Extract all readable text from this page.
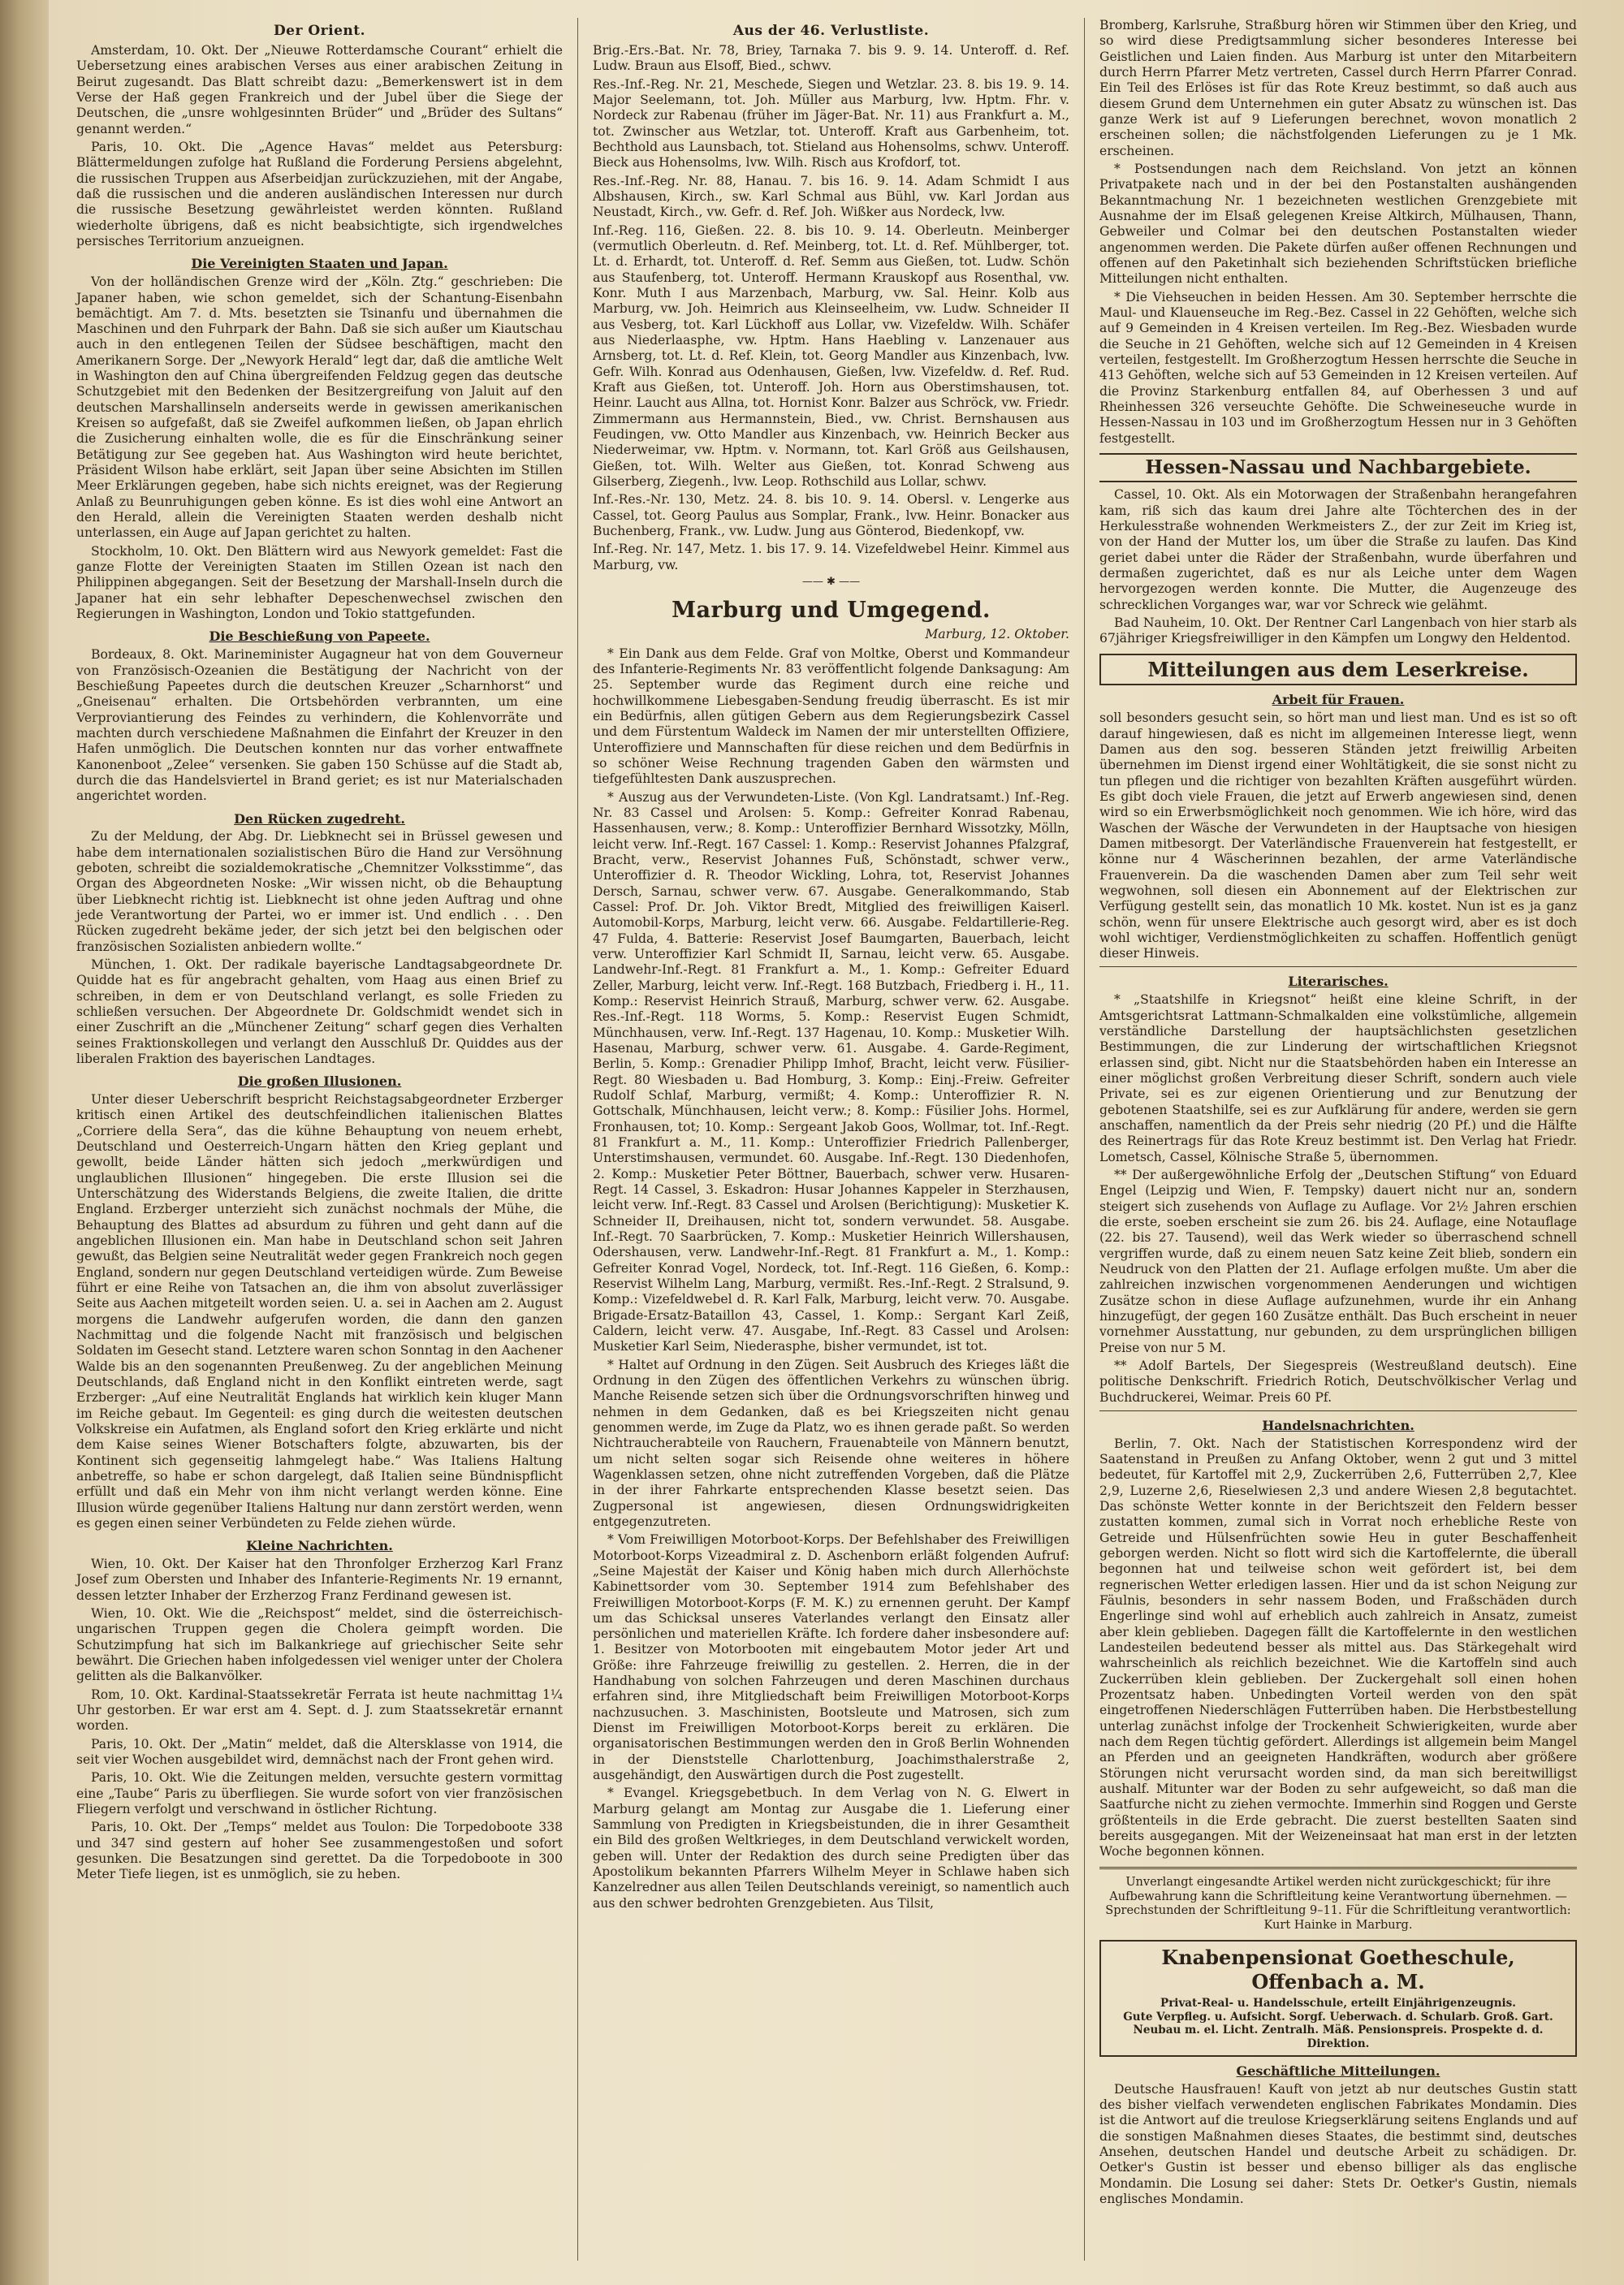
Der Orient.

Amsterdam, 10. Okt. Der „Nieuwe Rotterdamsche Courant“ erhielt die Uebersetzung eines arabischen Verses aus einer arabischen Zeitung in Beirut zugesandt. Das Blatt schreibt dazu: „Bemerkenswert ist in dem Verse der Haß gegen Frankreich und der Jubel über die Siege der Deutschen, die „unsre wohlgesinnten Brüder“ und „Brüder des Sultans“ genannt werden.“

Paris, 10. Okt. Die „Agence Havas“ meldet aus Petersburg: Blättermeldungen zufolge hat Rußland die Forderung Persiens abgelehnt, die russischen Truppen aus Afserbeidjan zurückzuziehen, mit der Angabe, daß die russischen und die anderen ausländischen Interessen nur durch die russische Besetzung gewährleistet werden könnten. Rußland wiederholte übrigens, daß es nicht beabsichtigte, sich irgendwelches persisches Territorium anzueignen.

Die Vereinigten Staaten und Japan.

Von der holländischen Grenze wird der „Köln. Ztg.“ geschrieben: Die Japaner haben, wie schon gemeldet, sich der Schantung-Eisenbahn bemächtigt. Am 7. d. Mts. besetzten sie Tsinanfu und übernahmen die Maschinen und den Fuhrpark der Bahn. Daß sie sich außer um Kiautschau auch in den entlegenen Teilen der Südsee beschäftigen, macht den Amerikanern Sorge. Der „Newyork Herald“ legt dar, daß die amtliche Welt in Washington den auf China übergreifenden Feldzug gegen das deutsche Schutzgebiet mit den Bedenken der Besitzergreifung von Jaluit auf den deutschen Marshallinseln anderseits werde in gewissen amerikanischen Kreisen so aufgefaßt, daß sie Zweifel aufkommen ließen, ob Japan ehrlich die Zusicherung einhalten wolle, die es für die Einschränkung seiner Betätigung zur See gegeben hat. Aus Washington wird heute berichtet, Präsident Wilson habe erklärt, seit Japan über seine Absichten im Stillen Meer Erklärungen gegeben, habe sich nichts ereignet, was der Regierung Anlaß zu Beunruhigungen geben könne. Es ist dies wohl eine Antwort an den Herald, allein die Vereinigten Staaten werden deshalb nicht unterlassen, ein Auge auf Japan gerichtet zu halten.

Stockholm, 10. Okt. Den Blättern wird aus Newyork gemeldet: Fast die ganze Flotte der Vereinigten Staaten im Stillen Ozean ist nach den Philippinen abgegangen. Seit der Besetzung der Marshall-Inseln durch die Japaner hat ein sehr lebhafter Depeschenwechsel zwischen den Regierungen in Washington, London und Tokio stattgefunden.

Die Beschießung von Papeete.

Bordeaux, 8. Okt. Marineminister Augagneur hat von dem Gouverneur von Französisch-Ozeanien die Bestätigung der Nachricht von der Beschießung Papeetes durch die deutschen Kreuzer „Scharnhorst“ und „Gneisenau“ erhalten. Die Ortsbehörden verbrannten, um eine Verproviantierung des Feindes zu verhindern, die Kohlenvorräte und machten durch verschiedene Maßnahmen die Einfahrt der Kreuzer in den Hafen unmöglich. Die Deutschen konnten nur das vorher entwaffnete Kanonenboot „Zelee“ versenken. Sie gaben 150 Schüsse auf die Stadt ab, durch die das Handelsviertel in Brand geriet; es ist nur Materialschaden angerichtet worden.

Den Rücken zugedreht.

Zu der Meldung, der Abg. Dr. Liebknecht sei in Brüssel gewesen und habe dem internationalen sozialistischen Büro die Hand zur Versöhnung geboten, schreibt die sozialdemokratische „Chemnitzer Volksstimme“, das Organ des Abgeordneten Noske: „Wir wissen nicht, ob die Behauptung über Liebknecht richtig ist. Liebknecht ist ohne jeden Auftrag und ohne jede Verantwortung der Partei, wo er immer ist. Und endlich . . . Den Rücken zugedreht bekäme jeder, der sich jetzt bei den belgischen oder französischen Sozialisten anbiedern wollte.“

München, 1. Okt. Der radikale bayerische Landtagsabgeordnete Dr. Quidde hat es für angebracht gehalten, vom Haag aus einen Brief zu schreiben, in dem er von Deutschland verlangt, es solle Frieden zu schließen versuchen. Der Abgeordnete Dr. Goldschmidt wendet sich in einer Zuschrift an die „Münchener Zeitung“ scharf gegen dies Verhalten seines Fraktionskollegen und verlangt den Ausschluß Dr. Quiddes aus der liberalen Fraktion des bayerischen Landtages.

Die großen Illusionen.

Unter dieser Ueberschrift bespricht Reichstagsabgeordneter Erzberger kritisch einen Artikel des deutschfeindlichen italienischen Blattes „Corriere della Sera“, das die kühne Behauptung von neuem erhebt, Deutschland und Oesterreich-Ungarn hätten den Krieg geplant und gewollt, beide Länder hätten sich jedoch „merkwürdigen und unglaublichen Illusionen“ hingegeben. Die erste Illusion sei die Unterschätzung des Widerstands Belgiens, die zweite Italien, die dritte England. Erzberger unterzieht sich zunächst nochmals der Mühe, die Behauptung des Blattes ad absurdum zu führen und geht dann auf die angeblichen Illusionen ein. Man habe in Deutschland schon seit Jahren gewußt, das Belgien seine Neutralität weder gegen Frankreich noch gegen England, sondern nur gegen Deutschland verteidigen würde. Zum Beweise führt er eine Reihe von Tatsachen an, die ihm von absolut zuverlässiger Seite aus Aachen mitgeteilt worden seien. U. a. sei in Aachen am 2. August morgens die Landwehr aufgerufen worden, die dann den ganzen Nachmittag und die folgende Nacht mit französisch und belgischen Soldaten im Gesecht stand. Letztere waren schon Sonntag in den Aachener Walde bis an den sogenannten Preußenweg. Zu der angeblichen Meinung Deutschlands, daß England nicht in den Konflikt eintreten werde, sagt Erzberger: „Auf eine Neutralität Englands hat wirklich kein kluger Mann im Reiche gebaut. Im Gegenteil: es ging durch die weitesten deutschen Volkskreise ein Aufatmen, als England sofort den Krieg erklärte und nicht dem Kaise seines Wiener Botschafters folgte, abzuwarten, bis der Kontinent sich gegenseitig lahmgelegt habe.“ Was Italiens Haltung anbetreffe, so habe er schon dargelegt, daß Italien seine Bündnispflicht erfüllt und daß ein Mehr von ihm nicht verlangt werden könne. Eine Illusion würde gegenüber Italiens Haltung nur dann zerstört werden, wenn es gegen einen seiner Verbündeten zu Felde ziehen würde.

Kleine Nachrichten.

Wien, 10. Okt. Der Kaiser hat den Thronfolger Erzherzog Karl Franz Josef zum Obersten und Inhaber des Infanterie-Regiments Nr. 19 ernannt, dessen letzter Inhaber der Erzherzog Franz Ferdinand gewesen ist.

Wien, 10. Okt. Wie die „Reichspost“ meldet, sind die österreichisch-ungarischen Truppen gegen die Cholera geimpft worden. Die Schutzimpfung hat sich im Balkankriege auf griechischer Seite sehr bewährt. Die Griechen haben infolgedessen viel weniger unter der Cholera gelitten als die Balkanvölker.

Rom, 10. Okt. Kardinal-Staatssekretär Ferrata ist heute nachmittag 1¼ Uhr gestorben. Er war erst am 4. Sept. d. J. zum Staatssekretär ernannt worden.

Paris, 10. Okt. Der „Matin“ meldet, daß die Altersklasse von 1914, die seit vier Wochen ausgebildet wird, demnächst nach der Front gehen wird.

Paris, 10. Okt. Wie die Zeitungen melden, versuchte gestern vormittag eine „Taube“ Paris zu überfliegen. Sie wurde sofort von vier französischen Fliegern verfolgt und verschwand in östlicher Richtung.

Paris, 10. Okt. Der „Temps“ meldet aus Toulon: Die Torpedoboote 338 und 347 sind gestern auf hoher See zusammengestoßen und sofort gesunken. Die Besatzungen sind gerettet. Da die Torpedoboote in 300 Meter Tiefe liegen, ist es unmöglich, sie zu heben.

Aus der 46. Verlustliste.

Brig.-Ers.-Bat. Nr. 78, Briey, Tarnaka 7. bis 9. 9. 14. Unteroff. d. Ref. Ludw. Braun aus Elsoff, Bied., schwv.

Res.-Inf.-Reg. Nr. 21, Meschede, Siegen und Wetzlar. 23. 8. bis 19. 9. 14. Major Seelemann, tot. Joh. Müller aus Marburg, lvw. Hptm. Fhr. v. Nordeck zur Rabenau (früher im Jäger-Bat. Nr. 11) aus Frankfurt a. M., tot. Zwinscher aus Wetzlar, tot. Unteroff. Kraft aus Garbenheim, tot. Bechthold aus Launsbach, tot. Stieland aus Hohensolms, schwv. Unteroff. Bieck aus Hohensolms, lvw. Wilh. Risch aus Krofdorf, tot.

Res.-Inf.-Reg. Nr. 88, Hanau. 7. bis 16. 9. 14. Adam Schmidt I aus Albshausen, Kirch., sw. Karl Schmal aus Bühl, vw. Karl Jordan aus Neustadt, Kirch., vw. Gefr. d. Ref. Joh. Wißker aus Nordeck, lvw.

Inf.-Reg. 116, Gießen. 22. 8. bis 10. 9. 14. Oberleutn. Meinberger (vermutlich Oberleutn. d. Ref. Meinberg, tot. Lt. d. Ref. Mühlberger, tot. Lt. d. Erhardt, tot. Unteroff. d. Ref. Semm aus Gießen, tot. Ludw. Schön aus Staufenberg, tot. Unteroff. Hermann Krauskopf aus Rosenthal, vw. Konr. Muth I aus Marzenbach, Marburg, vw. Sal. Heinr. Kolb aus Marburg, vw. Joh. Heimrich aus Kleinseelheim, vw. Ludw. Schneider II aus Vesberg, tot. Karl Lückhoff aus Lollar, vw. Vizefeldw. Wilh. Schäfer aus Niederlaasphe, vw. Hptm. Hans Haebling v. Lanzenauer aus Arnsberg, tot. Lt. d. Ref. Klein, tot. Georg Mandler aus Kinzenbach, lvw. Gefr. Wilh. Konrad aus Odenhausen, Gießen, lvw. Vizefeldw. d. Ref. Rud. Kraft aus Gießen, tot. Unteroff. Joh. Horn aus Oberstimshausen, tot. Heinr. Laucht aus Allna, tot. Hornist Konr. Balzer aus Schröck, vw. Friedr. Zimmermann aus Hermannstein, Bied., vw. Christ. Bernshausen aus Feudingen, vw. Otto Mandler aus Kinzenbach, vw. Heinrich Becker aus Niederweimar, vw. Hptm. v. Normann, tot. Karl Größ aus Geilshausen, Gießen, tot. Wilh. Welter aus Gießen, tot. Konrad Schweng aus Gilserberg, Ziegenh., lvw. Leop. Rothschild aus Lollar, schwv.

Inf.-Res.-Nr. 130, Metz. 24. 8. bis 10. 9. 14. Obersl. v. Lengerke aus Cassel, tot. Georg Paulus aus Somplar, Frank., lvw. Heinr. Bonacker aus Buchenberg, Frank., vw. Ludw. Jung aus Gönterod, Biedenkopf, vw.

Inf.-Reg. Nr. 147, Metz. 1. bis 17. 9. 14. Vizefeldwebel Heinr. Kimmel aus Marburg, vw.

—— ✱ ——
Marburg und Umgegend.
Marburg, 12. Oktober.

* Ein Dank aus dem Felde. Graf von Moltke, Oberst und Kommandeur des Infanterie-Regiments Nr. 83 veröffentlicht folgende Danksagung: Am 25. September wurde das Regiment durch eine reiche und hochwillkommene Liebesgaben-Sendung freudig überrascht. Es ist mir ein Bedürfnis, allen gütigen Gebern aus dem Regierungsbezirk Cassel und dem Fürstentum Waldeck im Namen der mir unterstellten Offiziere, Unteroffiziere und Mannschaften für diese reichen und dem Bedürfnis in so schöner Weise Rechnung tragenden Gaben den wärmsten und tiefgefühltesten Dank auszusprechen.

* Auszug aus der Verwundeten-Liste. (Von Kgl. Landratsamt.) Inf.-Reg. Nr. 83 Cassel und Arolsen: 5. Komp.: Gefreiter Konrad Rabenau, Hassenhausen, verw.; 8. Komp.: Unteroffizier Bernhard Wissotzky, Mölln, leicht verw. Inf.-Regt. 167 Cassel: 1. Komp.: Reservist Johannes Pfalzgraf, Bracht, verw., Reservist Johannes Fuß, Schönstadt, schwer verw., Unteroffizier d. R. Theodor Wickling, Lohra, tot, Reservist Johannes Dersch, Sarnau, schwer verw. 67. Ausgabe. Generalkommando, Stab Cassel: Prof. Dr. Joh. Viktor Bredt, Mitglied des freiwilligen Kaiserl. Automobil-Korps, Marburg, leicht verw. 66. Ausgabe. Feldartillerie-Reg. 47 Fulda, 4. Batterie: Reservist Josef Baumgarten, Bauerbach, leicht verw. Unteroffizier Karl Schmidt II, Sarnau, leicht verw. 65. Ausgabe. Landwehr-Inf.-Regt. 81 Frankfurt a. M., 1. Komp.: Gefreiter Eduard Zeller, Marburg, leicht verw. Inf.-Regt. 168 Butzbach, Friedberg i. H., 11. Komp.: Reservist Heinrich Strauß, Marburg, schwer verw. 62. Ausgabe. Res.-Inf.-Regt. 118 Worms, 5. Komp.: Reservist Eugen Schmidt, Münchhausen, verw. Inf.-Regt. 137 Hagenau, 10. Komp.: Musketier Wilh. Hasenau, Marburg, schwer verw. 61. Ausgabe. 4. Garde-Regiment, Berlin, 5. Komp.: Grenadier Philipp Imhof, Bracht, leicht verw. Füsilier-Regt. 80 Wiesbaden u. Bad Homburg, 3. Komp.: Einj.-Freiw. Gefreiter Rudolf Schlaf, Marburg, vermißt; 4. Komp.: Unteroffizier R. N. Gottschalk, Münchhausen, leicht verw.; 8. Komp.: Füsilier Johs. Hormel, Fronhausen, tot; 10. Komp.: Sergeant Jakob Goos, Wollmar, tot. Inf.-Regt. 81 Frankfurt a. M., 11. Komp.: Unteroffizier Friedrich Pallenberger, Unterstimshausen, vermundet. 60. Ausgabe. Inf.-Regt. 130 Diedenhofen, 2. Komp.: Musketier Peter Böttner, Bauerbach, schwer verw. Husaren-Regt. 14 Cassel, 3. Eskadron: Husar Johannes Kappeler in Sterzhausen, leicht verw. Inf.-Regt. 83 Cassel und Arolsen (Berichtigung): Musketier K. Schneider II, Dreihausen, nicht tot, sondern verwundet. 58. Ausgabe. Inf.-Regt. 70 Saarbrücken, 7. Komp.: Musketier Heinrich Willershausen, Odershausen, verw. Landwehr-Inf.-Regt. 81 Frankfurt a. M., 1. Komp.: Gefreiter Konrad Vogel, Nordeck, tot. Inf.-Regt. 116 Gießen, 6. Komp.: Reservist Wilhelm Lang, Marburg, vermißt. Res.-Inf.-Regt. 2 Stralsund, 9. Komp.: Vizefeldwebel d. R. Karl Falk, Marburg, leicht verw. 70. Ausgabe. Brigade-Ersatz-Bataillon 43, Cassel, 1. Komp.: Sergant Karl Zeiß, Caldern, leicht verw. 47. Ausgabe, Inf.-Regt. 83 Cassel und Arolsen: Musketier Karl Seim, Niederasphe, bisher vermundet, ist tot.

* Haltet auf Ordnung in den Zügen. Seit Ausbruch des Krieges läßt die Ordnung in den Zügen des öffentlichen Verkehrs zu wünschen übrig. Manche Reisende setzen sich über die Ordnungsvorschriften hinweg und nehmen in dem Gedanken, daß es bei Kriegszeiten nicht genau genommen werde, im Zuge da Platz, wo es ihnen gerade paßt. So werden Nichtraucherabteile von Rauchern, Frauenabteile von Männern benutzt, um nicht selten sogar sich Reisende ohne weiteres in höhere Wagenklassen setzen, ohne nicht zutreffenden Vorgeben, daß die Plätze in der ihrer Fahrkarte entsprechenden Klasse besetzt seien. Das Zugpersonal ist angewiesen, diesen Ordnungswidrigkeiten entgegenzutreten.

* Vom Freiwilligen Motorboot-Korps. Der Befehlshaber des Freiwilligen Motorboot-Korps Vizeadmiral z. D. Aschenborn erläßt folgenden Aufruf: „Seine Majestät der Kaiser und König haben mich durch Allerhöchste Kabinettsorder vom 30. September 1914 zum Befehlshaber des Freiwilligen Motorboot-Korps (F. M. K.) zu ernennen geruht. Der Kampf um das Schicksal unseres Vaterlandes verlangt den Einsatz aller persönlichen und materiellen Kräfte. Ich fordere daher insbesondere auf: 1. Besitzer von Motorbooten mit eingebautem Motor jeder Art und Größe: ihre Fahrzeuge freiwillig zu gestellen. 2. Herren, die in der Handhabung von solchen Fahrzeugen und deren Maschinen durchaus erfahren sind, ihre Mitgliedschaft beim Freiwilligen Motorboot-Korps nachzusuchen. 3. Maschinisten, Bootsleute und Matrosen, sich zum Dienst im Freiwilligen Motorboot-Korps bereit zu erklären. Die organisatorischen Bestimmungen werden den in Groß Berlin Wohnenden in der Dienststelle Charlottenburg, Joachimsthalerstraße 2, ausgehändigt, den Auswärtigen durch die Post zugestellt.

* Evangel. Kriegsgebetbuch. In dem Verlag von N. G. Elwert in Marburg gelangt am Montag zur Ausgabe die 1. Lieferung einer Sammlung von Predigten in Kriegsbeistunden, die in ihrer Gesamtheit ein Bild des großen Weltkrieges, in dem Deutschland verwickelt worden, geben will. Unter der Redaktion des durch seine Predigten über das Apostolikum bekannten Pfarrers Wilhelm Meyer in Schlawe haben sich Kanzelredner aus allen Teilen Deutschlands vereinigt, so namentlich auch aus den schwer bedrohten Grenzgebieten. Aus Tilsit,

Bromberg, Karlsruhe, Straßburg hören wir Stimmen über den Krieg, und so wird diese Predigtsammlung sicher besonderes Interesse bei Geistlichen und Laien finden. Aus Marburg ist unter den Mitarbeitern durch Herrn Pfarrer Metz vertreten, Cassel durch Herrn Pfarrer Conrad. Ein Teil des Erlöses ist für das Rote Kreuz bestimmt, so daß auch aus diesem Grund dem Unternehmen ein guter Absatz zu wünschen ist. Das ganze Werk ist auf 9 Lieferungen berechnet, wovon monatlich 2 erscheinen sollen; die nächstfolgenden Lieferungen zu je 1 Mk. erscheinen.

* Postsendungen nach dem Reichsland. Von jetzt an können Privatpakete nach und in der bei den Postanstalten aushängenden Bekanntmachung Nr. 1 bezeichneten westlichen Grenzgebiete mit Ausnahme der im Elsaß gelegenen Kreise Altkirch, Mülhausen, Thann, Gebweiler und Colmar bei den deutschen Postanstalten wieder angenommen werden. Die Pakete dürfen außer offenen Rechnungen und offenen auf den Paketinhalt sich beziehenden Schriftstücken briefliche Mitteilungen nicht enthalten.

* Die Viehseuchen in beiden Hessen. Am 30. September herrschte die Maul- und Klauenseuche im Reg.-Bez. Cassel in 22 Gehöften, welche sich auf 9 Gemeinden in 4 Kreisen verteilen. Im Reg.-Bez. Wiesbaden wurde die Seuche in 21 Gehöften, welche sich auf 12 Gemeinden in 4 Kreisen verteilen, festgestellt. Im Großherzogtum Hessen herrschte die Seuche in 413 Gehöften, welche sich auf 53 Gemeinden in 12 Kreisen verteilen. Auf die Provinz Starkenburg entfallen 84, auf Oberhessen 3 und auf Rheinhessen 326 verseuchte Gehöfte. Die Schweineseuche wurde in Hessen-Nassau in 103 und im Großherzogtum Hessen nur in 3 Gehöften festgestellt.

Hessen-Nassau und Nachbargebiete.

Cassel, 10. Okt. Als ein Motorwagen der Straßenbahn herangefahren kam, riß sich das kaum drei Jahre alte Töchterchen des in der Herkulesstraße wohnenden Werkmeisters Z., der zur Zeit im Krieg ist, von der Hand der Mutter los, um über die Straße zu laufen. Das Kind geriet dabei unter die Räder der Straßenbahn, wurde überfahren und dermaßen zugerichtet, daß es nur als Leiche unter dem Wagen hervorgezogen werden konnte. Die Mutter, die Augenzeuge des schrecklichen Vorganges war, war vor Schreck wie gelähmt.

Bad Nauheim, 10. Okt. Der Rentner Carl Langenbach von hier starb als 67jähriger Kriegsfreiwilliger in den Kämpfen um Longwy den Heldentod.

Mitteilungen aus dem Leserkreise.
Arbeit für Frauen.

soll besonders gesucht sein, so hört man und liest man. Und es ist so oft darauf hingewiesen, daß es nicht im allgemeinen Interesse liegt, wenn Damen aus den sog. besseren Ständen jetzt freiwillig Arbeiten übernehmen im Dienst irgend einer Wohltätigkeit, die sie sonst nicht zu tun pflegen und die richtiger von bezahlten Kräften ausgeführt würden. Es gibt doch viele Frauen, die jetzt auf Erwerb angewiesen sind, denen wird so ein Erwerbsmöglichkeit noch genommen. Wie ich höre, wird das Waschen der Wäsche der Verwundeten in der Hauptsache von hiesigen Damen mitbesorgt. Der Vaterländische Frauenverein hat festgestellt, er könne nur 4 Wäscherinnen bezahlen, der arme Vaterländische Frauenverein. Da die waschenden Damen aber zum Teil sehr weit wegwohnen, soll diesen ein Abonnement auf der Elektrischen zur Verfügung gestellt sein, das monatlich 10 Mk. kostet. Nun ist es ja ganz schön, wenn für unsere Elektrische auch gesorgt wird, aber es ist doch wohl wichtiger, Verdienstmöglichkeiten zu schaffen. Hoffentlich genügt dieser Hinweis.

Literarisches.

* „Staatshilfe in Kriegsnot“ heißt eine kleine Schrift, in der Amtsgerichtsrat Lattmann-Schmalkalden eine volkstümliche, allgemein verständliche Darstellung der hauptsächlichsten gesetzlichen Bestimmungen, die zur Linderung der wirtschaftlichen Kriegsnot erlassen sind, gibt. Nicht nur die Staatsbehörden haben ein Interesse an einer möglichst großen Verbreitung dieser Schrift, sondern auch viele Private, sei es zur eigenen Orientierung und zur Benutzung der gebotenen Staatshilfe, sei es zur Aufklärung für andere, werden sie gern anschaffen, namentlich da der Preis sehr niedrig (20 Pf.) und die Hälfte des Reinertrags für das Rote Kreuz bestimmt ist. Den Verlag hat Friedr. Lometsch, Cassel, Kölnische Straße 5, übernommen.

** Der außergewöhnliche Erfolg der „Deutschen Stiftung“ von Eduard Engel (Leipzig und Wien, F. Tempsky) dauert nicht nur an, sondern steigert sich zusehends von Auflage zu Auflage. Vor 2½ Jahren erschien die erste, soeben erscheint sie zum 26. bis 24. Auflage, eine Notauflage (22. bis 27. Tausend), weil das Werk wieder so überraschend schnell vergriffen wurde, daß zu einem neuen Satz keine Zeit blieb, sondern ein Neudruck von den Platten der 21. Auflage erfolgen mußte. Um aber die zahlreichen inzwischen vorgenommenen Aenderungen und wichtigen Zusätze schon in diese Auflage aufzunehmen, wurde ihr ein Anhang hinzugefügt, der gegen 160 Zusätze enthält. Das Buch erscheint in neuer vornehmer Ausstattung, nur gebunden, zu dem ursprünglichen billigen Preise von nur 5 M.

** Adolf Bartels, Der Siegespreis (Westreußland deutsch). Eine politische Denkschrift. Friedrich Rotich, Deutschvölkischer Verlag und Buchdruckerei, Weimar. Preis 60 Pf.

Handelsnachrichten.

Berlin, 7. Okt. Nach der Statistischen Korrespondenz wird der Saatenstand in Preußen zu Anfang Oktober, wenn 2 gut und 3 mittel bedeutet, für Kartoffel mit 2,9, Zuckerrüben 2,6, Futterrüben 2,7, Klee 2,9, Luzerne 2,6, Rieselwiesen 2,3 und andere Wiesen 2,8 begutachtet. Das schönste Wetter konnte in der Berichtszeit den Feldern besser zustatten kommen, zumal sich in Vorrat noch erhebliche Reste von Getreide und Hülsenfrüchten sowie Heu in guter Beschaffenheit geborgen werden. Nicht so flott wird sich die Kartoffelernte, die überall begonnen hat und teilweise schon weit gefördert ist, bei dem regnerischen Wetter erledigen lassen. Hier und da ist schon Neigung zur Fäulnis, besonders in sehr nassem Boden, und Fraßschäden durch Engerlinge sind wohl auf erheblich auch zahlreich in Ansatz, zumeist aber klein geblieben. Dagegen fällt die Kartoffelernte in den westlichen Landesteilen bedeutend besser als mittel aus. Das Stärkegehalt wird wahrscheinlich als reichlich bezeichnet. Wie die Kartoffeln sind auch Zuckerrüben klein geblieben. Der Zuckergehalt soll einen hohen Prozentsatz haben. Unbedingten Vorteil werden von den spät eingetroffenen Niederschlägen Futterrüben haben. Die Herbstbestellung unterlag zunächst infolge der Trockenheit Schwierigkeiten, wurde aber nach dem Regen tüchtig gefördert. Allerdings ist allgemein beim Mangel an Pferden und an geeigneten Handkräften, wodurch aber größere Störungen nicht verursacht worden sind, da man sich bereitwilligst aushalf. Mitunter war der Boden zu sehr aufgeweicht, so daß man die Saatfurche nicht zu ziehen vermochte. Immerhin sind Roggen und Gerste größtenteils in die Erde gebracht. Die zuerst bestellten Saaten sind bereits ausgegangen. Mit der Weizeneinsaat hat man erst in der letzten Woche begonnen können.

Unverlangt eingesandte Artikel werden nicht zurückgeschickt; für ihre Aufbewahrung kann die Schriftleitung keine Verantwortung übernehmen. — Sprechstunden der Schriftleitung 9–11. Für die Schriftleitung verantwortlich: Kurt Hainke in Marburg.
Knabenpensionat Goetheschule, Offenbach a. M.
Privat-Real- u. Handelsschule, erteilt Einjährigenzeugnis.
Gute Verpfleg. u. Aufsicht. Sorgf. Ueberwach. d. Schularb. Groß. Gart. Neubau m. el. Licht. Zentralh. Mäß. Pensionspreis. Prospekte d. d. Direktion.
Geschäftliche Mitteilungen.

Deutsche Hausfrauen! Kauft von jetzt ab nur deutsches Gustin statt des bisher vielfach verwendeten englischen Fabrikates Mondamin. Dies ist die Antwort auf die treulose Kriegserklärung seitens Englands und auf die sonstigen Maßnahmen dieses Staates, die bestimmt sind, deutsches Ansehen, deutschen Handel und deutsche Arbeit zu schädigen. Dr. Oetker's Gustin ist besser und ebenso billiger als das englische Mondamin. Die Losung sei daher: Stets Dr. Oetker's Gustin, niemals englisches Mondamin.
